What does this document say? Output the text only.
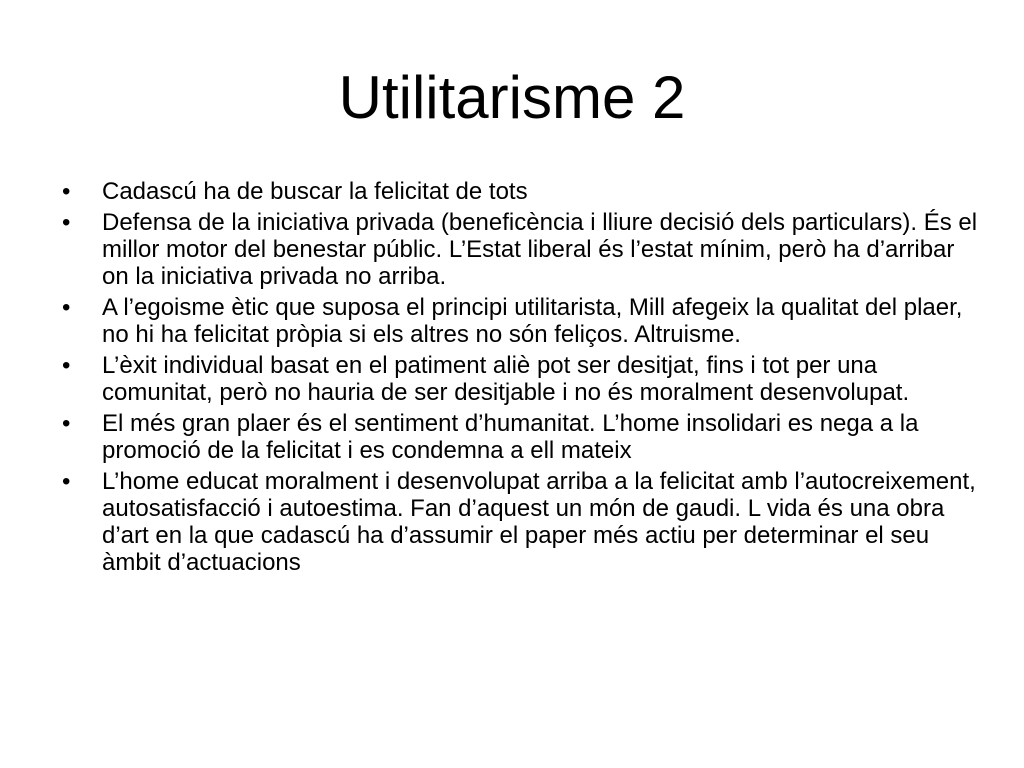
Utilitarisme 2
•	Cadascú ha de buscar la felicitat de tots
•	Defensa de la iniciativa privada (beneficència i lliure decisió dels particulars). És el millor motor del benestar públic. L’Estat liberal és l’estat mínim, però ha d’arribar on la iniciativa privada no arriba.
•	A l’egoisme ètic que suposa el principi utilitarista, Mill afegeix la qualitat del plaer, no hi ha felicitat pròpia si els altres no són feliços. Altruisme.
•	L’èxit individual basat en el patiment aliè pot ser desitjat, fins i tot per una comunitat, però no hauria de ser desitjable i no és moralment desenvolupat.
•	El més gran plaer és el sentiment d’humanitat. L’home insolidari es nega a la promoció de la felicitat i es condemna a ell mateix
•	L’home educat moralment i desenvolupat arriba a la felicitat amb l’autocreixement, autosatisfacció i autoestima. Fan d’aquest un món de gaudi. L vida és una obra d’art en la que cadascú ha d’assumir el paper més actiu per determinar el seu àmbit d’actuacions
